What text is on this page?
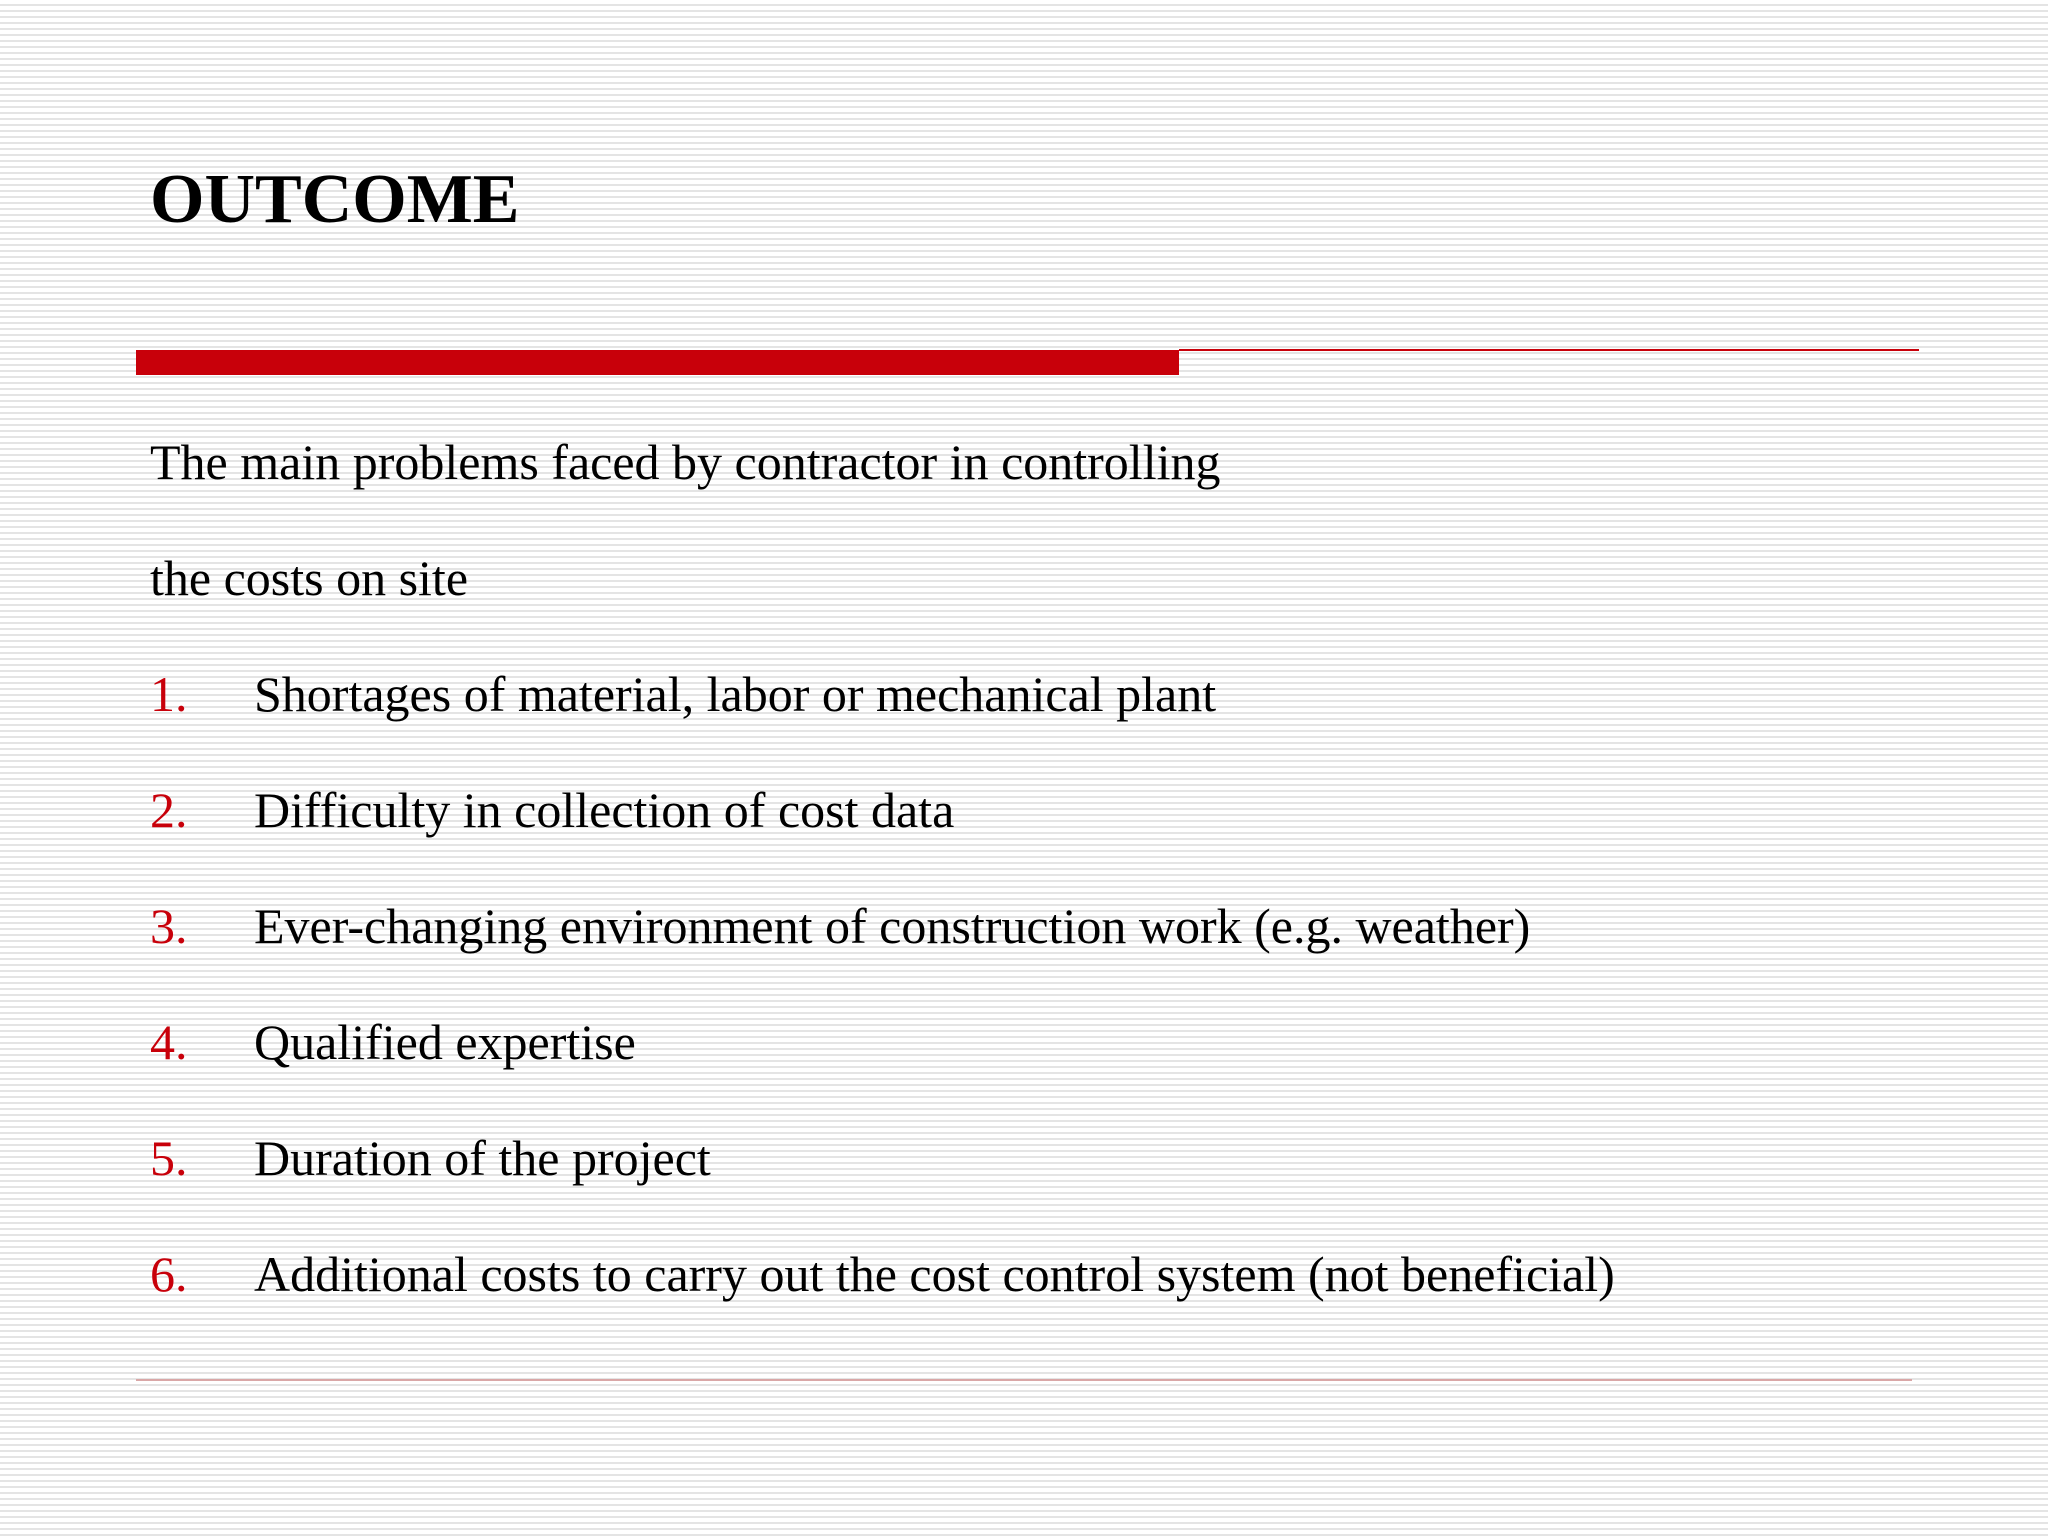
OUTCOME
The main problems faced by contractor in controlling
the costs on site
1.	Shortages of material, labor or mechanical plant
2.	Difficulty in collection of cost data
3.	Ever-changing environment of construction work (e.g. weather)
4.	Qualified expertise
5.	Duration of the project
6.	Additional costs to carry out the cost control system (not beneficial)
